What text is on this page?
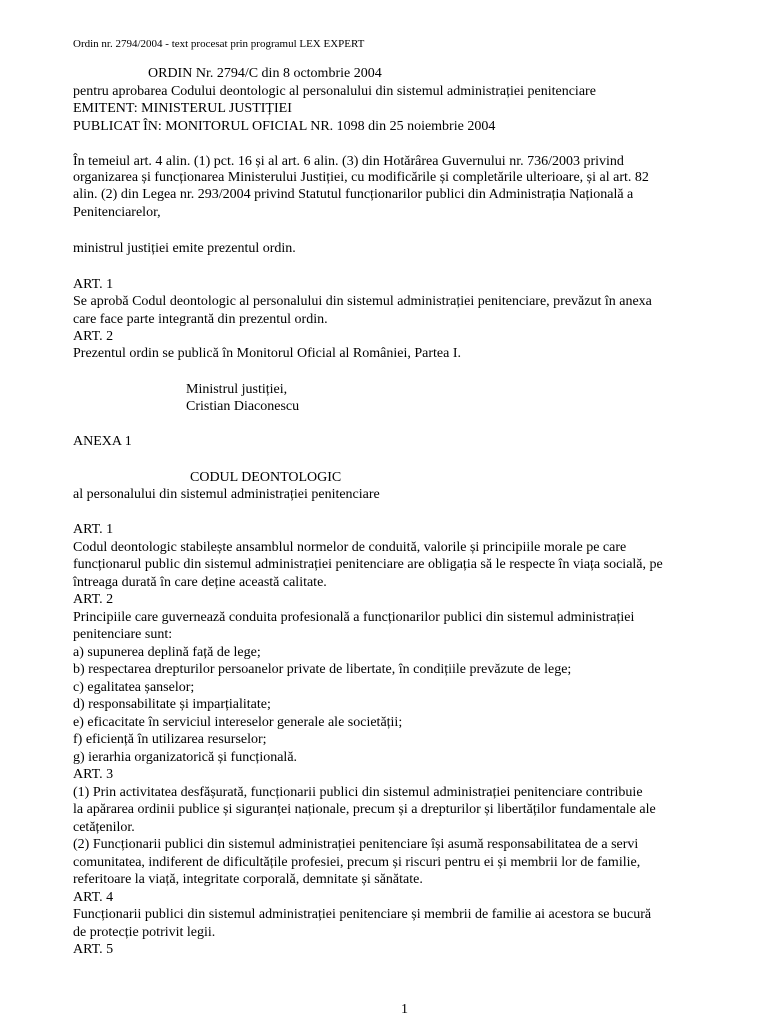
Ordin nr. 2794/2004 - text procesat prin programul LEX EXPERT
ORDIN Nr. 2794/C din 8 octombrie 2004
pentru aprobarea Codului deontologic al personalului din sistemul administrației penitenciare
EMITENT: MINISTERUL JUSTIȚIEI
PUBLICAT ÎN: MONITORUL OFICIAL NR. 1098 din 25 noiembrie 2004
În temeiul art. 4 alin. (1) pct. 16 și al art. 6 alin. (3) din Hotărârea Guvernului nr. 736/2003 privind
organizarea și funcționarea Ministerului Justiției, cu modificările și completările ulterioare, și al art. 82
alin. (2) din Legea nr. 293/2004 privind Statutul funcționarilor publici din Administrația Națională a
Penitenciarelor,
ministrul justiției emite prezentul ordin.
ART. 1
Se aprobă Codul deontologic al personalului din sistemul administrației penitenciare, prevăzut în anexa
care face parte integrantă din prezentul ordin.
ART. 2
Prezentul ordin se publică în Monitorul Oficial al României, Partea I.
Ministrul justiției,
Cristian Diaconescu
ANEXA 1
CODUL DEONTOLOGIC
al personalului din sistemul administrației penitenciare
ART. 1
Codul deontologic stabilește ansamblul normelor de conduită, valorile și principiile morale pe care
funcționarul public din sistemul administrației penitenciare are obligația să le respecte în viața socială, pe
întreaga durată în care deține această calitate.
ART. 2
Principiile care guvernează conduita profesională a funcționarilor publici din sistemul administrației
penitenciare sunt:
a) supunerea deplină față de lege;
b) respectarea drepturilor persoanelor private de libertate, în condițiile prevăzute de lege;
c) egalitatea șanselor;
d) responsabilitate și imparțialitate;
e) eficacitate în serviciul intereselor generale ale societății;
f) eficiență în utilizarea resurselor;
g) ierarhia organizatorică și funcțională.
ART. 3
(1) Prin activitatea desfășurată, funcționarii publici din sistemul administrației penitenciare contribuie
la apărarea ordinii publice și siguranței naționale, precum și a drepturilor și libertăților fundamentale ale
cetățenilor.
(2) Funcționarii publici din sistemul administrației penitenciare își asumă responsabilitatea de a servi
comunitatea, indiferent de dificultățile profesiei, precum și riscuri pentru ei și membrii lor de familie,
referitoare la viață, integritate corporală, demnitate și sănătate.
ART. 4
Funcționarii publici din sistemul administrației penitenciare și membrii de familie ai acestora se bucură
de protecție potrivit legii.
ART. 5
1
